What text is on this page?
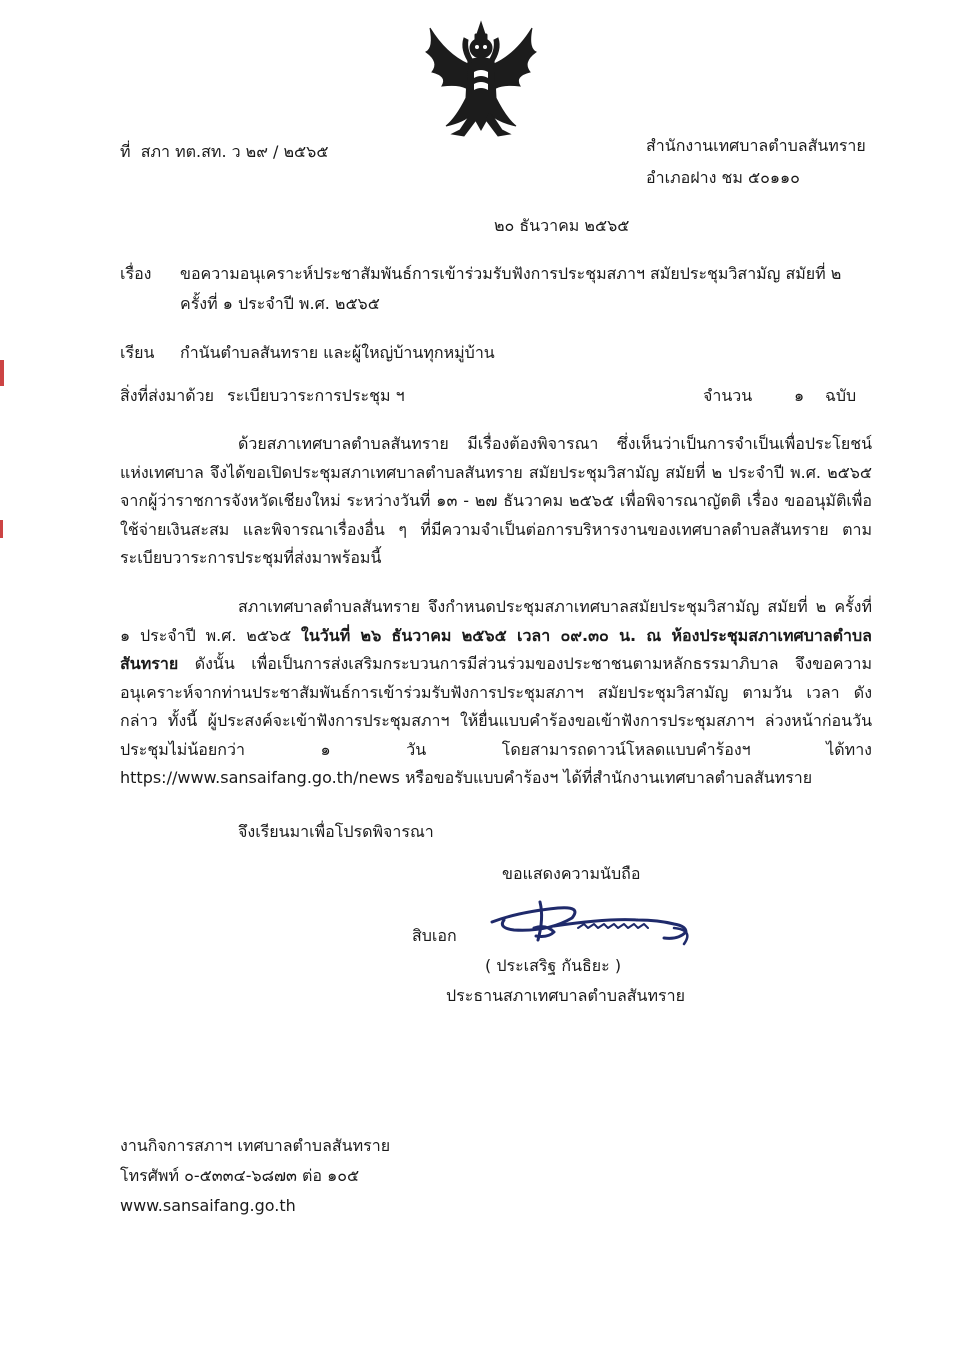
ที่ สภา ทต.สท. ว ๒๙ / ๒๕๖๕	สำนักงานเทศบาลตำบลสันทราย
อำเภอฝาง ชม ๕๐๑๑๐
๒๐ ธันวาคม ๒๕๖๕
เรื่อง ขอความอนุเคราะห์ประชาสัมพันธ์การเข้าร่วมรับฟังการประชุมสภาฯ สมัยประชุมวิสามัญ สมัยที่ ๒
ครั้งที่ ๑ ประจำปี พ.ศ. ๒๕๖๕
เรียน กำนันตำบลสันทราย และผู้ใหญ่บ้านทุกหมู่บ้าน
สิ่งที่ส่งมาด้วย ระเบียบวาระการประชุม ฯ	จำนวน	๑ ฉบับ
ด้วยสภาเทศบาลตำบลสันทราย มีเรื่องต้องพิจารณา ซึ่งเห็นว่าเป็นการจำเป็นเพื่อประโยชน์แห่งเทศบาล จึงได้ขอเปิดประชุมสภาเทศบาลตำบลสันทราย สมัยประชุมวิสามัญ สมัยที่ ๒ ประจำปี พ.ศ. ๒๕๖๕ จากผู้ว่าราชการจังหวัดเชียงใหม่ ระหว่างวันที่ ๑๓ - ๒๗ ธันวาคม ๒๕๖๕ เพื่อพิจารณาญัตติ เรื่อง ขออนุมัติเพื่อใช้จ่ายเงินสะสม และพิจารณาเรื่องอื่น ๆ ที่มีความจำเป็นต่อการบริหารงานของเทศบาลตำบลสันทราย ตามระเบียบวาระการประชุมที่ส่งมาพร้อมนี้
สภาเทศบาลตำบลสันทราย จึงกำหนดประชุมสภาเทศบาลสมัยประชุมวิสามัญ สมัยที่ ๒ ครั้งที่ ๑ ประจำปี พ.ศ. ๒๕๖๕ ในวันที่ ๒๖ ธันวาคม ๒๕๖๕ เวลา ๐๙.๓๐ น. ณ ห้องประชุมสภาเทศบาลตำบลสันทราย ดังนั้น เพื่อเป็นการส่งเสริมกระบวนการมีส่วนร่วมของประชาชนตามหลักธรรมาภิบาล จึงขอความอนุเคราะห์จากท่านประชาสัมพันธ์การเข้าร่วมรับฟังการประชุมสภาฯ สมัยประชุมวิสามัญ ตามวัน เวลา ดังกล่าว ทั้งนี้ ผู้ประสงค์จะเข้าฟังการประชุมสภาฯ ให้ยื่นแบบคำร้องขอเข้าฟังการประชุมสภาฯ ล่วงหน้าก่อนวันประชุมไม่น้อยกว่า ๑ วัน โดยสามารถดาวน์โหลดแบบคำร้องฯ ได้ทาง https://www.sansaifang.go.th/news หรือขอรับแบบคำร้องฯ ได้ที่สำนักงานเทศบาลตำบลสันทราย
จึงเรียนมาเพื่อโปรดพิจารณา
ขอแสดงความนับถือ
สิบเอก
( ประเสริฐ กันธิยะ )
ประธานสภาเทศบาลตำบลสันทราย
งานกิจการสภาฯ เทศบาลตำบลสันทราย
โทรศัพท์ ๐-๕๓๓๔-๖๘๗๓ ต่อ ๑๐๕
www.sansaifang.go.th
